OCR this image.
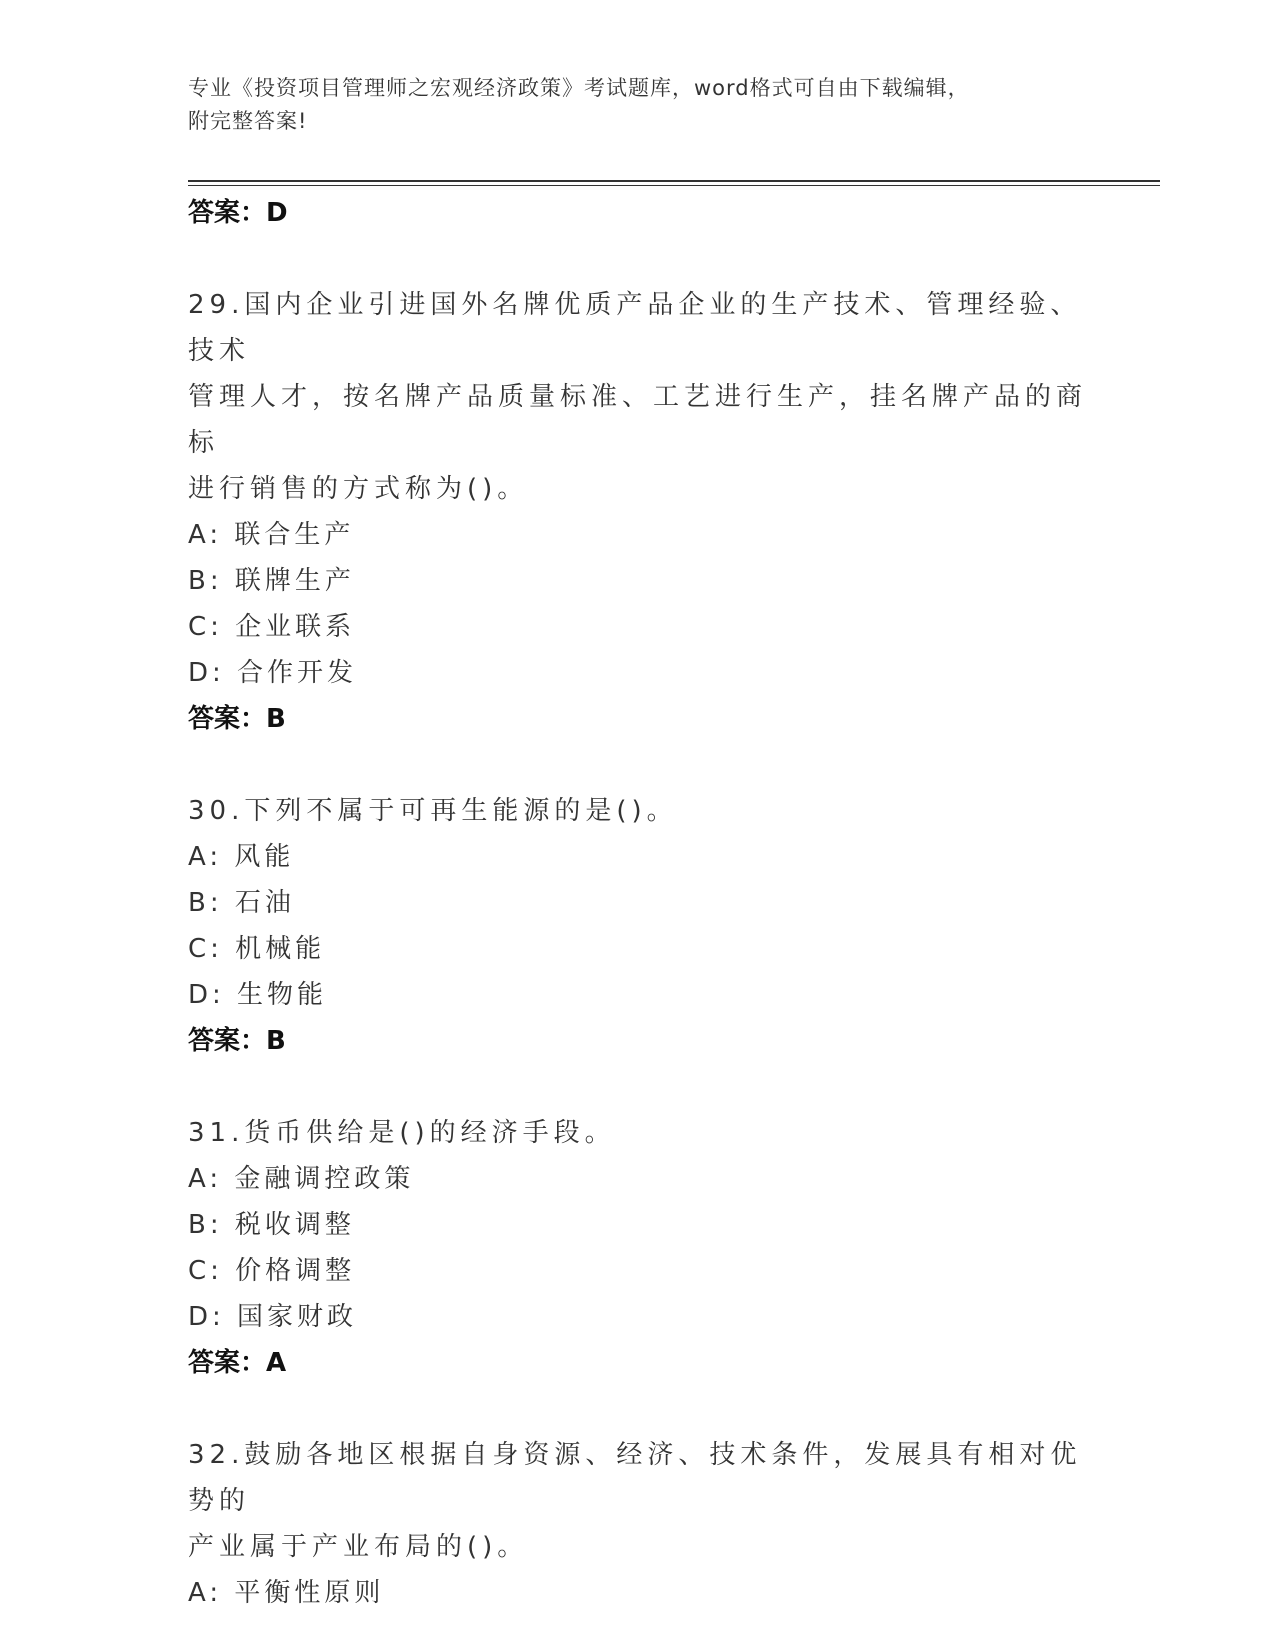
专业《投资项目管理师之宏观经济政策》考试题库，word格式可自由下载编辑，
附完整答案!
答案：D
29.国内企业引进国外名牌优质产品企业的生产技术、管理经验、技术
管理人才，按名牌产品质量标准、工艺进行生产，挂名牌产品的商标
进行销售的方式称为()。
A: 联合生产
B: 联牌生产
C: 企业联系
D: 合作开发
答案：B
30.下列不属于可再生能源的是()。
A: 风能
B: 石油
C: 机械能
D: 生物能
答案：B
31.货币供给是()的经济手段。
A: 金融调控政策
B: 税收调整
C: 价格调整
D: 国家财政
答案：A
32.鼓励各地区根据自身资源、经济、技术条件，发展具有相对优势的
产业属于产业布局的()。
A: 平衡性原则
